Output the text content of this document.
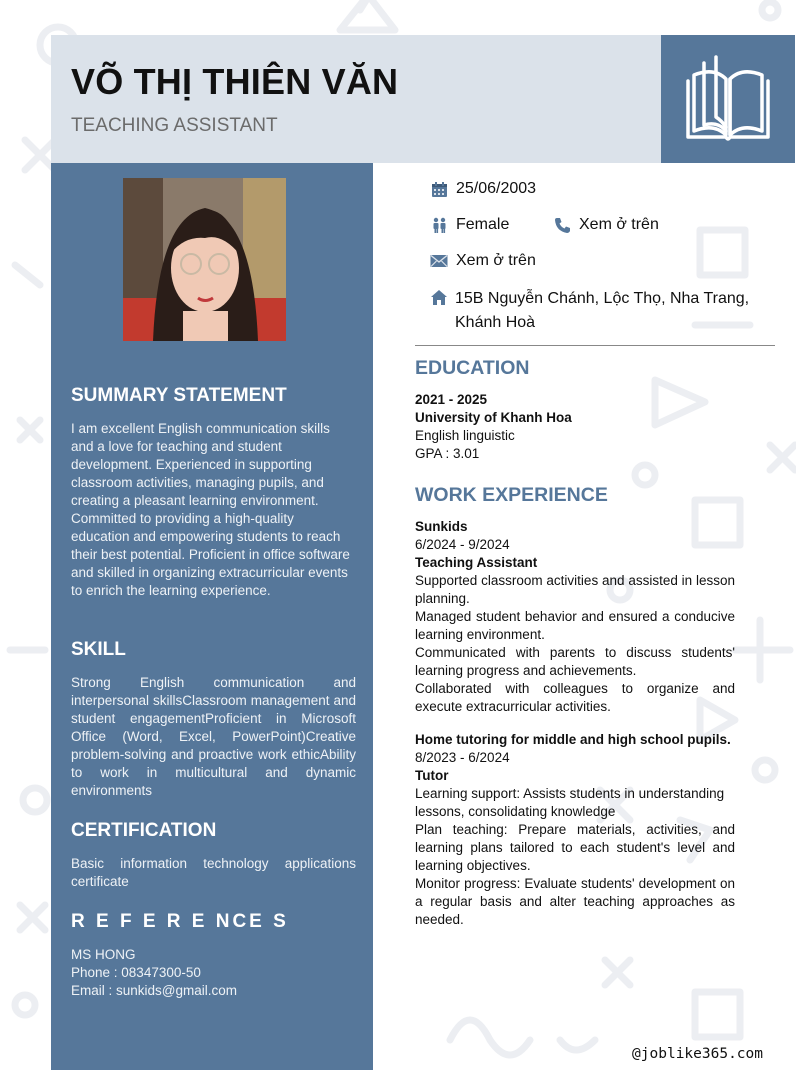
VÕ THỊ THIÊN VĂN
TEACHING ASSISTANT
SUMMARY STATEMENT
I am excellent English communication skills and a love for teaching and student development. Experienced in supporting classroom activities, managing pupils, and creating a pleasant learning environment. Committed to providing a high-quality education and empowering students to reach their best potential. Proficient in office software and skilled in organizing extracurricular events to enrich the learning experience.
SKILL
Strong English communication and interpersonal skillsClassroom management and student engagementProficient in Microsoft Office (Word, Excel, PowerPoint)Creative problem-solving and proactive work ethicAbility to work in multicultural and dynamic environments
CERTIFICATION
Basic information technology applications certificate
R E F E R E NCE S
MS HONG
Phone : 08347300-50
Email : sunkids@gmail.com
25/06/2003
Female	Xem ở trên
Xem ở trên
15B Nguyễn Chánh, Lộc Thọ, Nha Trang, Khánh Hoà
EDUCATION
2021 - 2025
University of Khanh Hoa
English linguistic
GPA : 3.01
WORK EXPERIENCE
Sunkids
6/2024 - 9/2024
Teaching Assistant
Supported classroom activities and assisted in lesson planning.
Managed student behavior and ensured a conducive learning environment.
Communicated with parents to discuss students' learning progress and achievements.
Collaborated with colleagues to organize and execute extracurricular activities.
Home tutoring for middle and high school pupils.
8/2023 - 6/2024
Tutor
Learning support: Assists students in understanding lessons, consolidating knowledge
Plan teaching: Prepare materials, activities, and learning plans tailored to each student's level and learning objectives.
Monitor progress: Evaluate students' development on a regular basis and alter teaching approaches as needed.
@joblike365.com
